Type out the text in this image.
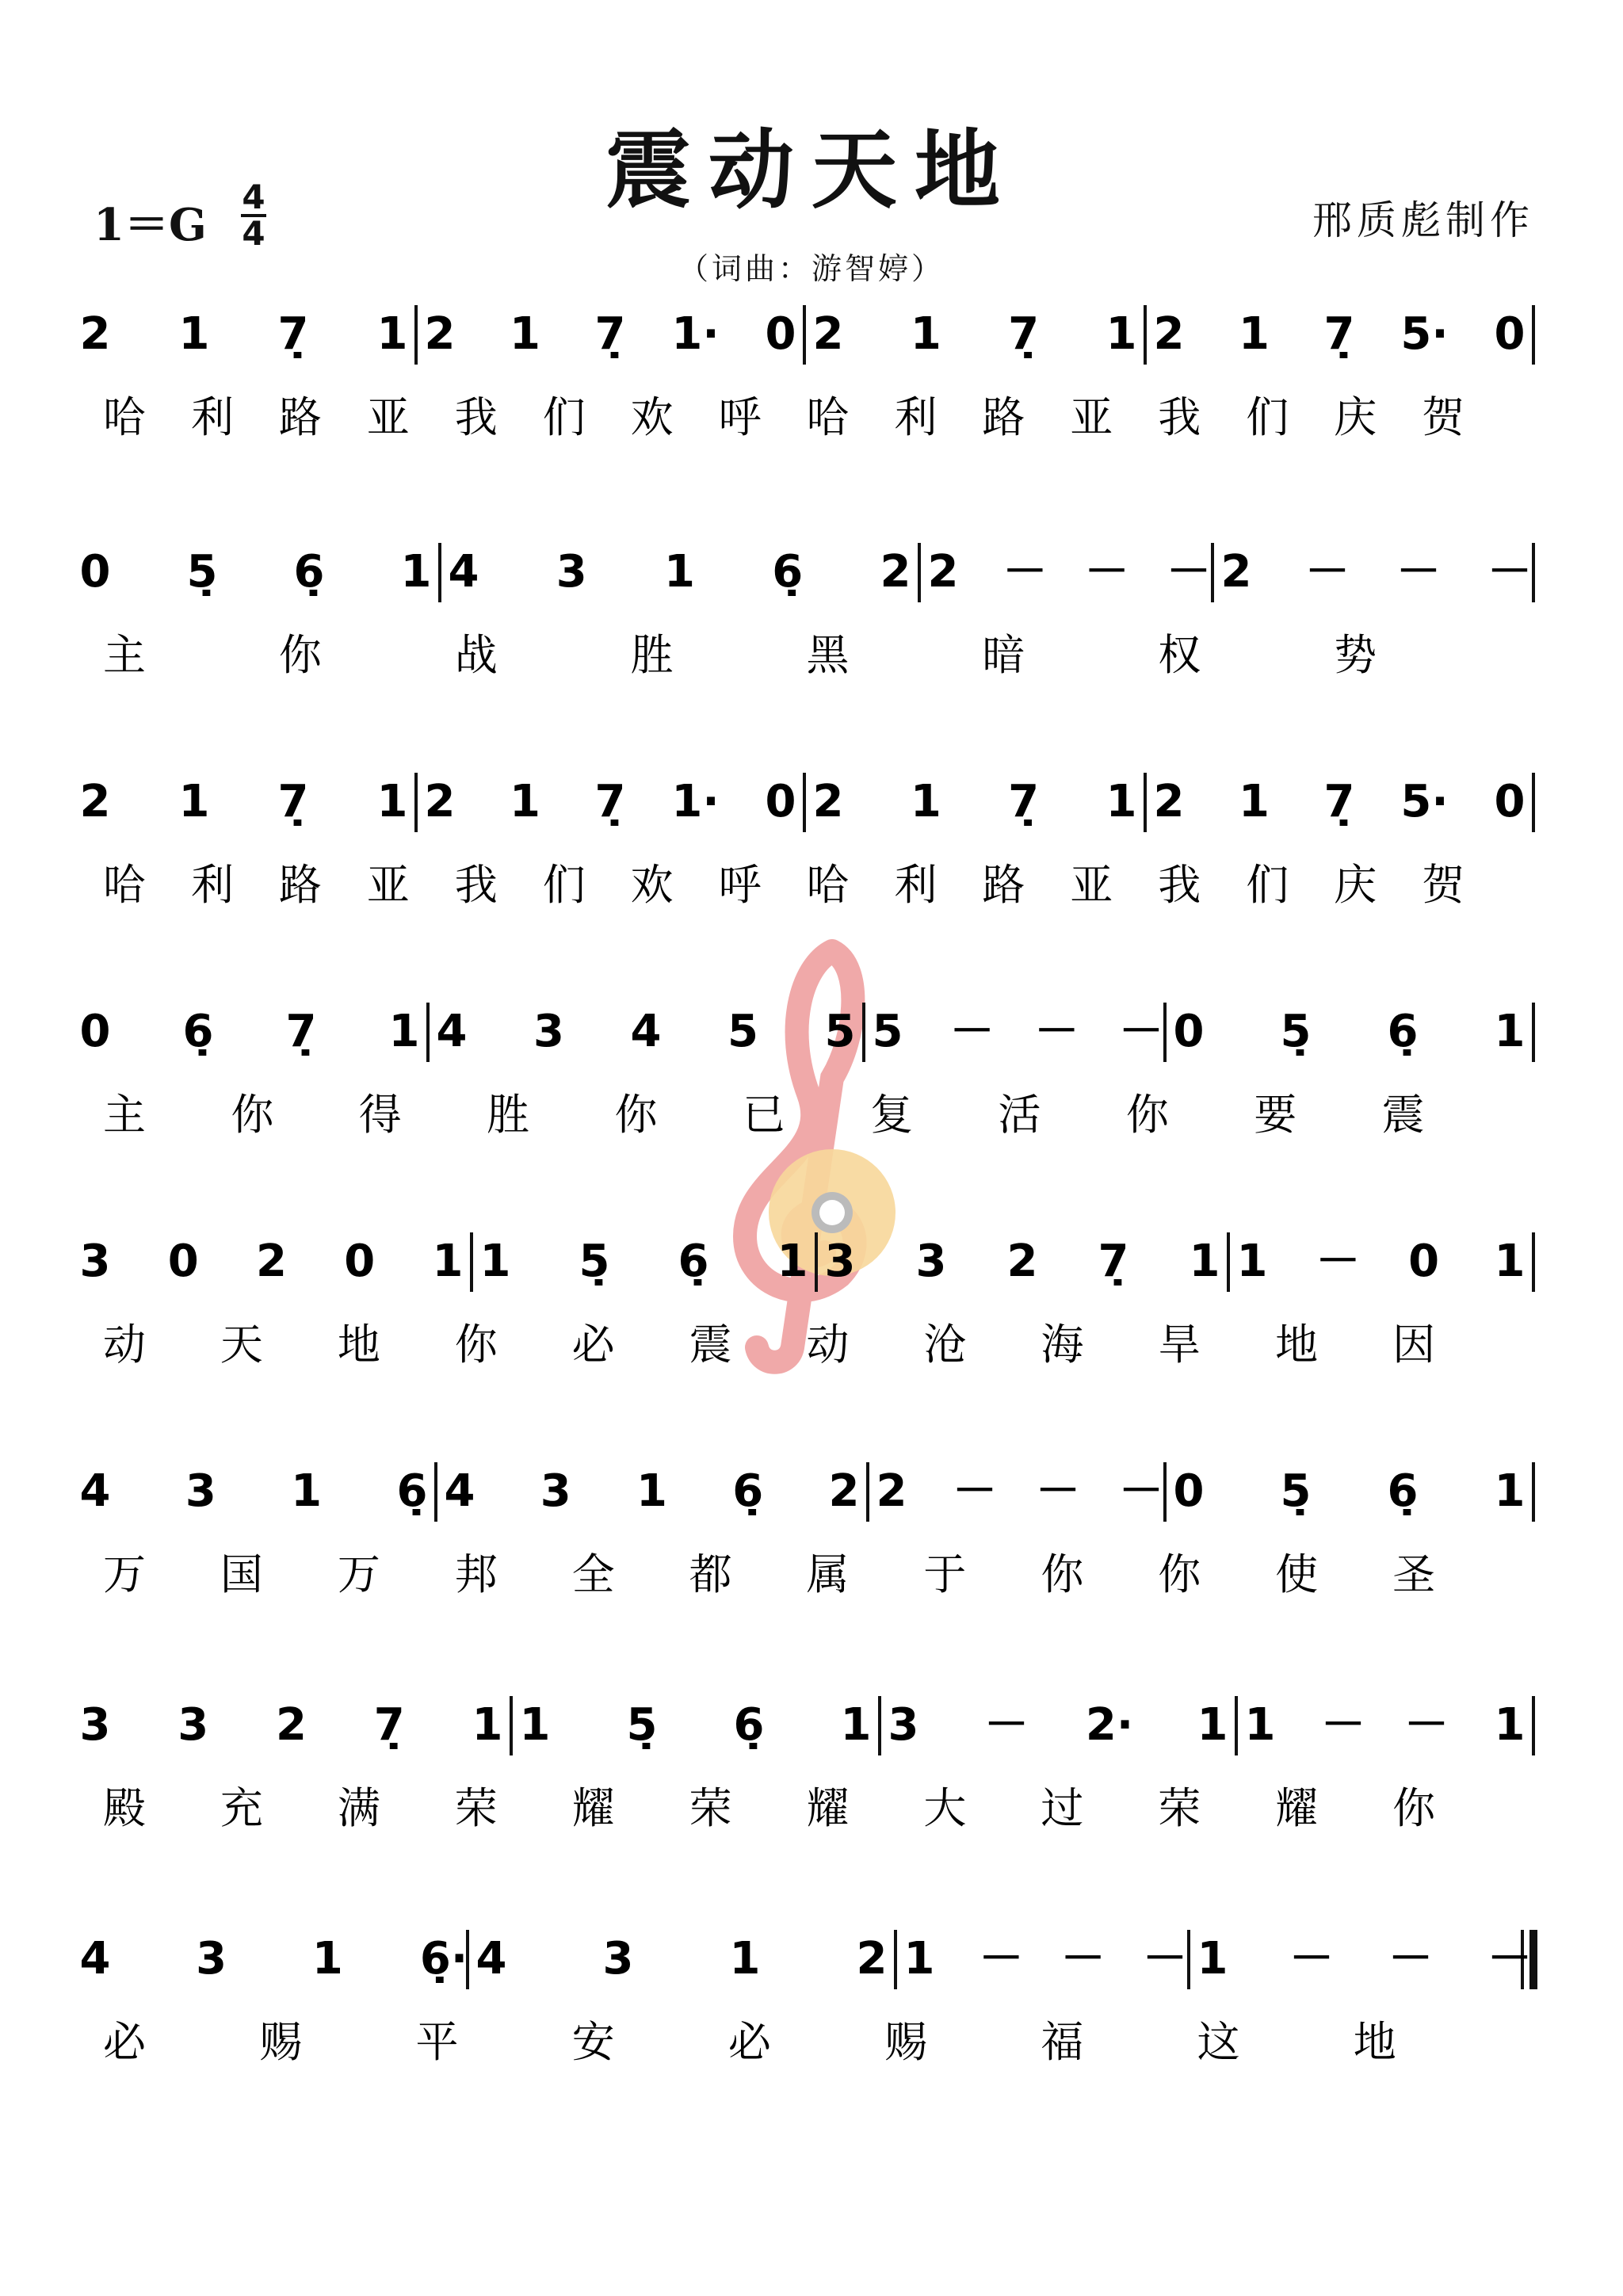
震动天地
1＝G
4
4	邢质彪制作
（词曲：游智婷）
2 1 7̣ 1 2 1 7̣ 1· 0 2 1 7̣ 1 2 1 7̣ 5· 0
哈 利 路 亚 我 们 欢 呼 哈 利 路 亚 我 们 庆 贺
0 5̣ 6̣ 1 4 3 1 6̣ 2 2 － － － 2 － － －
主	你	战	胜	黑	暗	权	势
2 1 7̣ 1 2 1 7̣ 1· 0 2 1 7̣ 1 2 1 7̣ 5· 0
哈 利 路 亚 我 们 欢 呼 哈 利 路 亚 我 们 庆 贺
0 6̣ 7̣ 1 4 3 4 5 5 5 － － － 0 5̣ 6̣ 1
主 你 得 胜 你 已 复 活 你 要 震
3 0 2 0 1 1 5̣ 6̣ 1 3 3 2 7̣ 1 1 － 0 1
动 天 地 你 必 震 动 沧 海 旱 地 因
4 3 1 6̣ 4 3 1 6̣ 2 2 － － － 0 5̣ 6̣ 1
万 国 万 邦 全 都 属 于 你 你 使 圣
3 3 2 7̣ 1 1 5̣ 6̣ 1 3 － 2· 1 1 － － 1
殿 充 满 荣 耀 荣 耀 大 过 荣 耀 你
4 3 1 6̣· 4 3 1 2 1 － － － 1 － － －
必	赐	平	安	必	赐	福	这	地
